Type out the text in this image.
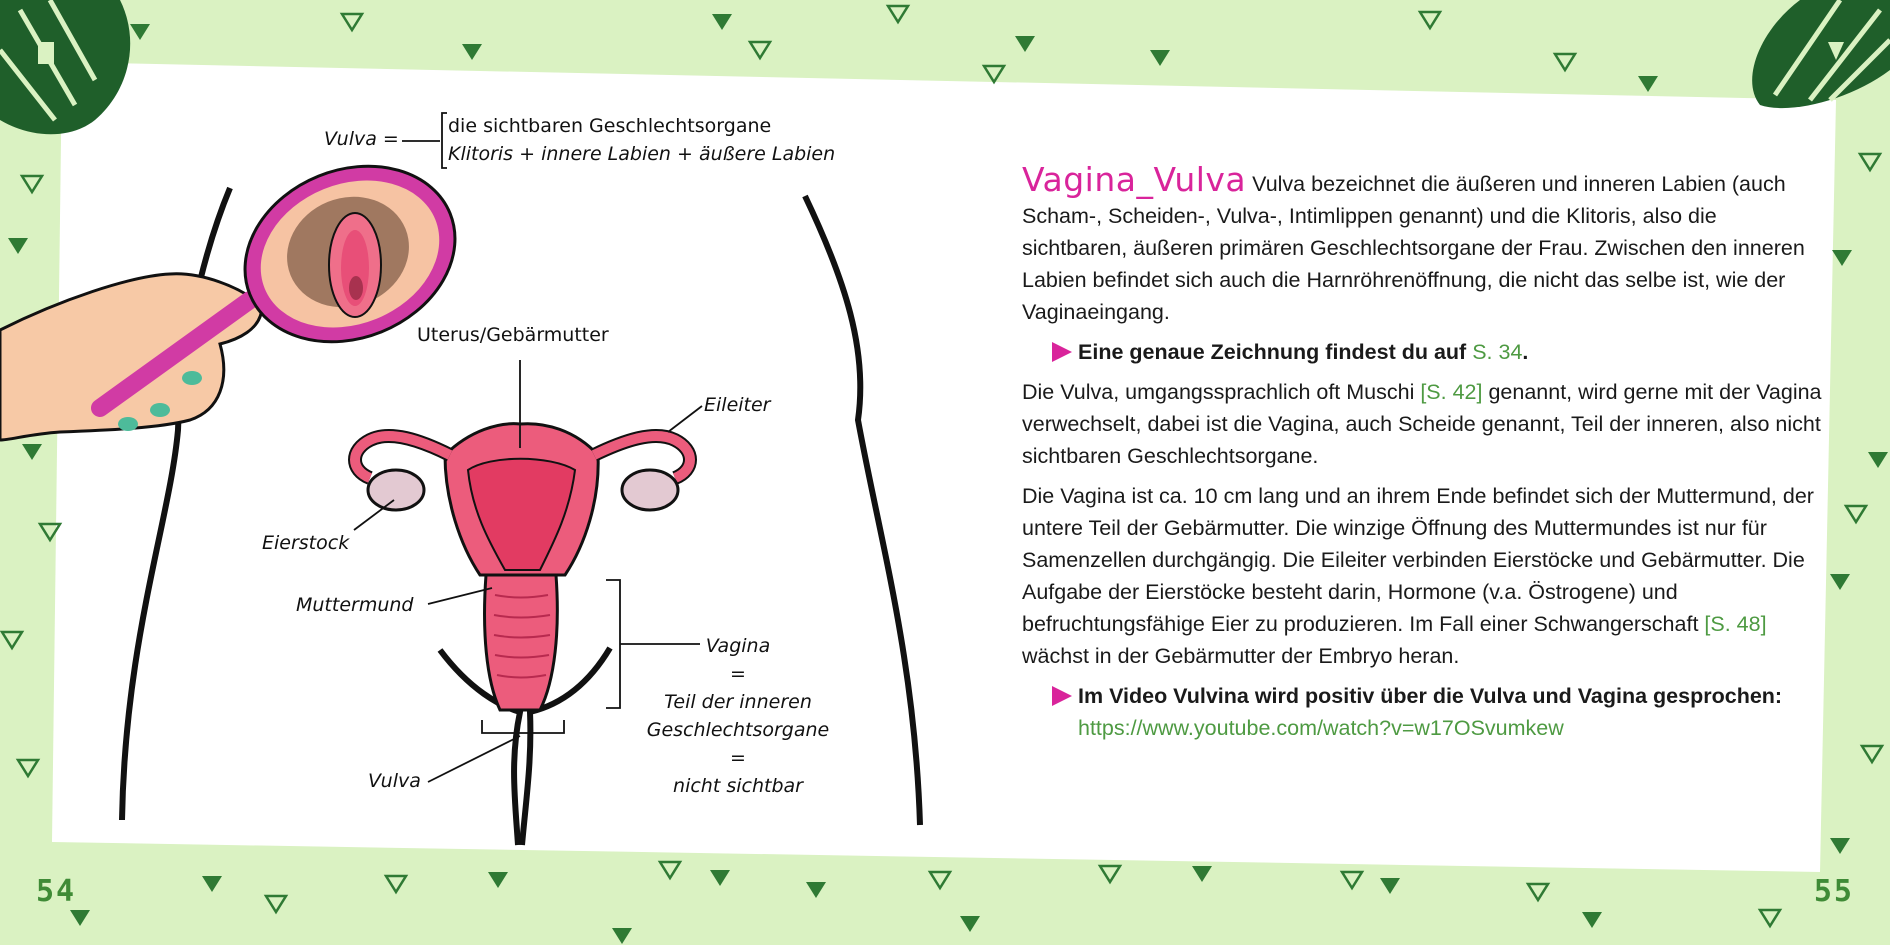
Vulva =
die sichtbaren Geschlechtsorgane
Klitoris + innere Labien + äußere Labien
Uterus/Gebärmutter
Eileiter
Eierstock
Muttermund
Vulva
Vagina
=
Teil der inneren
Geschlechtsorgane
=
nicht sichtbar

Vagina_Vulva Vulva bezeichnet die äußeren und inneren Labien (auch Scham-, Scheiden-, Vulva-, Intimlippen genannt) und die Klitoris, also die sichtbaren, äußeren primären Geschlechtsorgane der Frau. Zwischen den inneren Labien befindet sich auch die Harnröhrenöffnung, die nicht das selbe ist, wie der Vaginaeingang.

Eine genaue Zeichnung findest du auf S. 34.

Die Vulva, umgangssprachlich oft Muschi [S. 42] genannt, wird gerne mit der Vagina verwechselt, dabei ist die Vagina, auch Scheide genannt, Teil der inneren, also nicht sichtbaren Geschlechtsorgane.

Die Vagina ist ca. 10 cm lang und an ihrem Ende befindet sich der Muttermund, der untere Teil der Gebärmutter. Die winzige Öffnung des Muttermundes ist nur für Samenzellen durchgängig. Die Eileiter verbinden Eierstöcke und Gebärmutter. Die Aufgabe der Eierstöcke besteht darin, Hormone (v.a. Östrogene) und befruchtungsfähige Eier zu produzieren. Im Fall einer Schwangerschaft [S. 48] wächst in der Gebärmutter der Embryo heran.

Im Video Vulvina wird positiv über die Vulva und Vagina gesprochen: https://www.youtube.com/watch?v=w17OSvumkew

54	55
